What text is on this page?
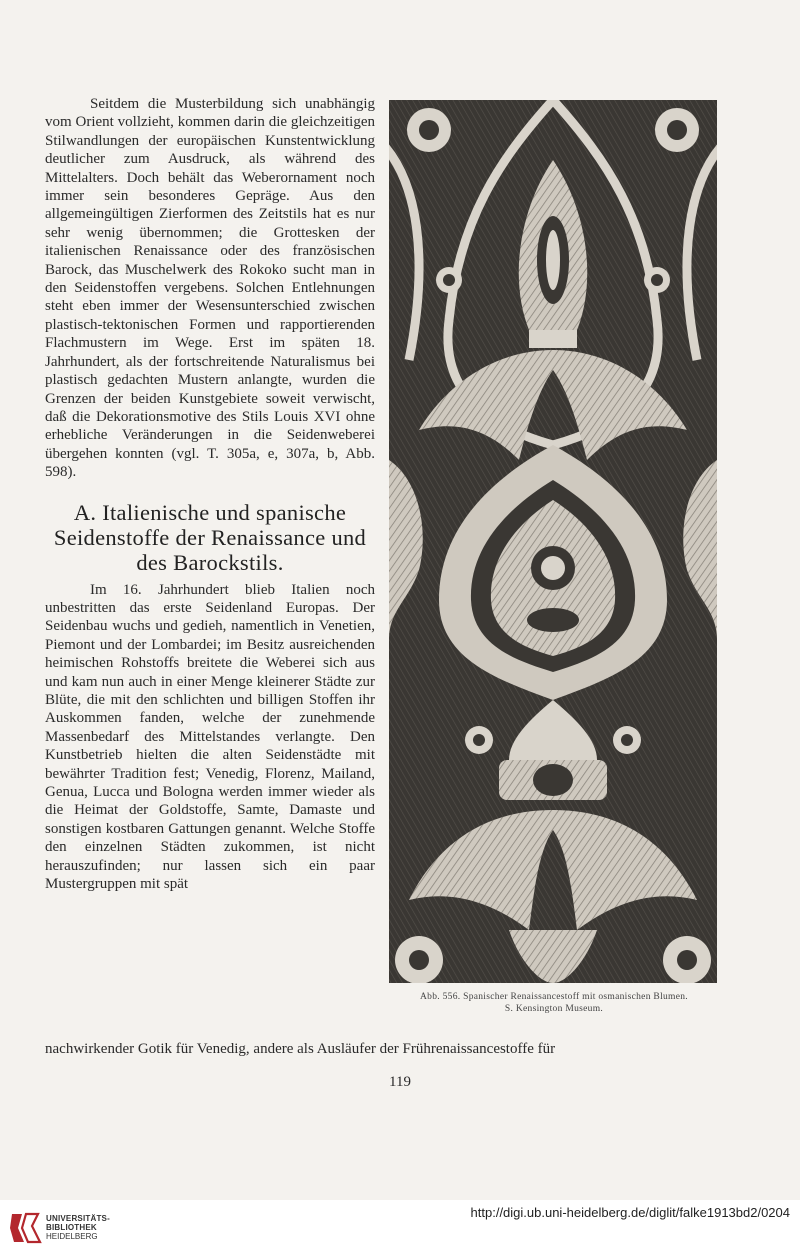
Seitdem die Musterbildung sich unabhängig vom Orient vollzieht, kommen darin die gleichzeitigen Stilwandlungen der europäischen Kunstentwicklung deutlicher zum Ausdruck, als während des Mittelalters. Doch behält das Weberornament noch immer sein besonderes Gepräge. Aus den allgemeingültigen Zierformen des Zeitstils hat es nur sehr wenig übernommen; die Grottesken der italienischen Renaissance oder des französischen Barock, das Muschelwerk des Rokoko sucht man in den Seidenstoffen vergebens. Solchen Entlehnungen steht eben immer der Wesensunterschied zwischen plastisch-tektonischen Formen und rapportierenden Flachmustern im Wege. Erst im späten 18. Jahrhundert, als der fortschreitende Naturalismus bei plastisch gedachten Mustern anlangte, wurden die Grenzen der beiden Kunstgebiete soweit verwischt, daß die Dekorationsmotive des Stils Louis XVI ohne erhebliche Veränderungen in die Seidenweberei übergehen konnten (vgl. T. 305a, e, 307a, b, Abb. 598).

A. Italienische und spanische Seidenstoffe der Renaissance und des Barockstils.

Im 16. Jahrhundert blieb Italien noch unbestritten das erste Seidenland Europas. Der Seidenbau wuchs und gedieh, namentlich in Venetien, Piemont und der Lombardei; im Besitz ausreichenden heimischen Rohstoffs breitete die Weberei sich aus und kam nun auch in einer Menge kleinerer Städte zur Blüte, die mit den schlichten und billigen Stoffen ihr Auskommen fanden, welche der zunehmende Massenbedarf des Mittelstandes verlangte. Den Kunstbetrieb hielten die alten Seidenstädte mit bewährter Tradition fest; Venedig, Florenz, Mailand, Genua, Lucca und Bologna werden immer wieder als die Heimat der Goldstoffe, Samte, Damaste und sonstigen kostbaren Gattungen genannt. Welche Stoffe den einzelnen Städten zukommen, ist nicht herauszufinden; nur lassen sich ein paar Mustergruppen mit spät

Abb. 556. Spanischer Renaissancestoff mit osmanischen Blumen.
S. Kensington Museum.
nachwirkender Gotik für Venedig, andere als Ausläufer der Frührenaissancestoffe für
119
UNIVERSITÄTS-
BIBLIOTHEK
HEIDELBERG
http://digi.ub.uni-heidelberg.de/diglit/falke1913bd2/0204
